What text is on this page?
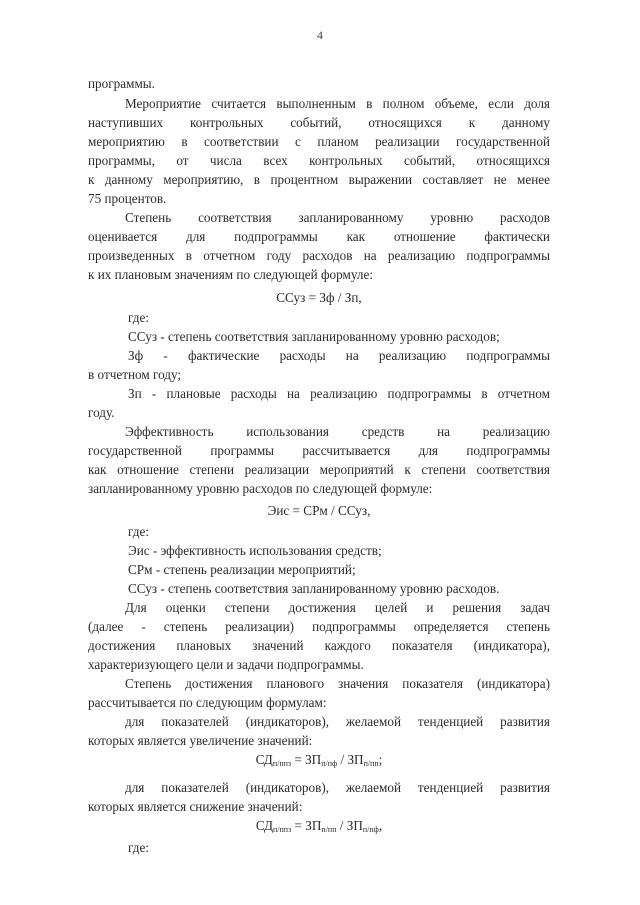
4
программы.
Мероприятие считается выполненным в полном объеме, если доля
наступивших контрольных событий, относящихся к данному
мероприятию в соответствии с планом реализации государственной
программы, от числа всех контрольных событий, относящихся
к данному мероприятию, в процентном выражении составляет не менее
75 процентов.
Степень соответствия запланированному уровню расходов
оценивается для подпрограммы как отношение фактически
произведенных в отчетном году расходов на реализацию подпрограммы
к их плановым значениям по следующей формуле:
ССуз = Зф / Зп,
где:
ССуз - степень соответствия запланированному уровню расходов;
Зф - фактические расходы на реализацию подпрограммы
в отчетном году;
Зп - плановые расходы на реализацию подпрограммы в отчетном
году.
Эффективность использования средств на реализацию
государственной программы рассчитывается для подпрограммы
как отношение степени реализации мероприятий к степени соответствия
запланированному уровню расходов по следующей формуле:
Эис = СРм / ССуз,
где:
Эис - эффективность использования средств;
СРм - степень реализации мероприятий;
ССуз - степень соответствия запланированному уровню расходов.
Для оценки степени достижения целей и решения задач
(далее - степень реализации) подпрограммы определяется степень
достижения плановых значений каждого показателя (индикатора),
характеризующего цели и задачи подпрограммы.
Степень достижения планового значения показателя (индикатора)
рассчитывается по следующим формулам:
для показателей (индикаторов), желаемой тенденцией развития
которых является увеличение значений:
$СД_{п/ппз} = ЗП_{п/пф} / ЗП_{п/пп}$;
для показателей (индикаторов), желаемой тенденцией развития
которых является снижение значений:
$СД_{п/ппз} = ЗП_{п/пп} / ЗП_{п/пф}$,
где:
